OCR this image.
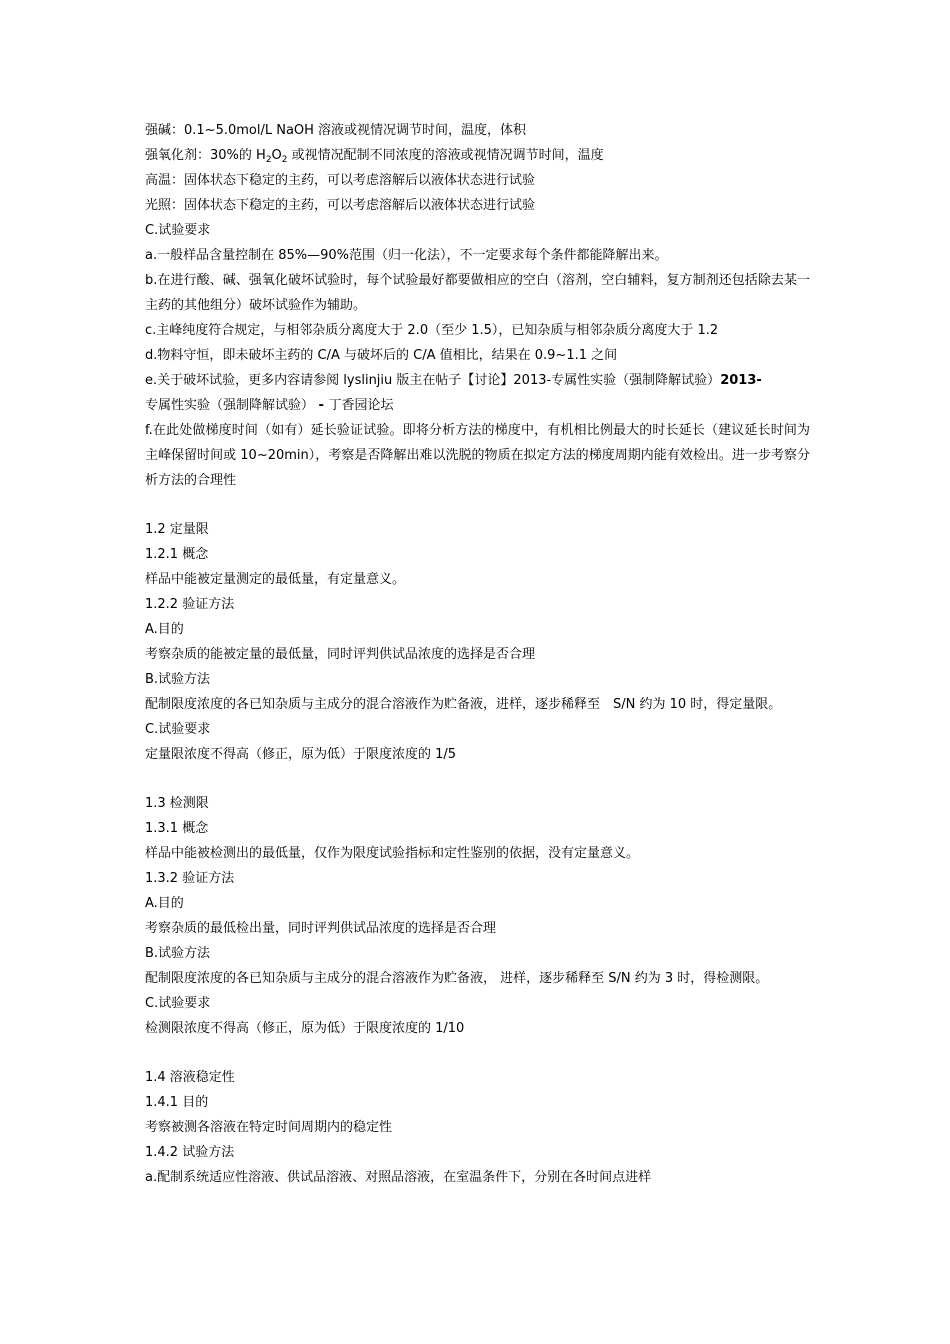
强碱：0.1~5.0mol/L NaOH 溶液或视情况调节时间，温度，体积
强氧化剂：30%的 $H_2O_2$ 或视情况配制不同浓度的溶液或视情况调节时间，温度
高温：固体状态下稳定的主药，可以考虑溶解后以液体状态进行试验
光照：固体状态下稳定的主药，可以考虑溶解后以液体状态进行试验
C.试验要求
a.一般样品含量控制在 85%—90%范围（归一化法），不一定要求每个条件都能降解出来。
b.在进行酸、碱、强氧化破坏试验时，每个试验最好都要做相应的空白（溶剂，空白辅料，复方制剂还包括除去某一主药的其他组分）破坏试验作为辅助。
c.主峰纯度符合规定，与相邻杂质分离度大于 2.0（至少 1.5），已知杂质与相邻杂质分离度大于 1.2
d.物料守恒，即未破坏主药的 C/A 与破坏后的 C/A 值相比，结果在 0.9~1.1 之间
e.关于破坏试验，更多内容请参阅 lyslinjiu 版主在帖子【讨论】2013-专属性实验（强制降解试验）2013-
专属性实验（强制降解试验） - 丁香园论坛
f.在此处做梯度时间（如有）延长验证试验。即将分析方法的梯度中，有机相比例最大的时长延长（建议延长时间为主峰保留时间或 10~20min），考察是否降解出难以洗脱的物质在拟定方法的梯度周期内能有效检出。进一步考察分析方法的合理性
1.2 定量限
1.2.1 概念
样品中能被定量测定的最低量，有定量意义。
1.2.2 验证方法
A.目的
考察杂质的能被定量的最低量，同时评判供试品浓度的选择是否合理
B.试验方法
配制限度浓度的各已知杂质与主成分的混合溶液作为贮备液，进样，逐步稀释至　S/N 约为 10 时，得定量限。
C.试验要求
定量限浓度不得高（修正，原为低）于限度浓度的 1/5
1.3 检测限
1.3.1 概念
样品中能被检测出的最低量，仅作为限度试验指标和定性鉴别的依据，没有定量意义。
1.3.2 验证方法
A.目的
考察杂质的最低检出量，同时评判供试品浓度的选择是否合理
B.试验方法
配制限度浓度的各已知杂质与主成分的混合溶液作为贮备液， 进样，逐步稀释至 S/N 约为 3 时，得检测限。
C.试验要求
检测限浓度不得高（修正，原为低）于限度浓度的 1/10
1.4 溶液稳定性
1.4.1 目的
考察被测各溶液在特定时间周期内的稳定性
1.4.2 试验方法
a.配制系统适应性溶液、供试品溶液、对照品溶液，在室温条件下，分别在各时间点进样
